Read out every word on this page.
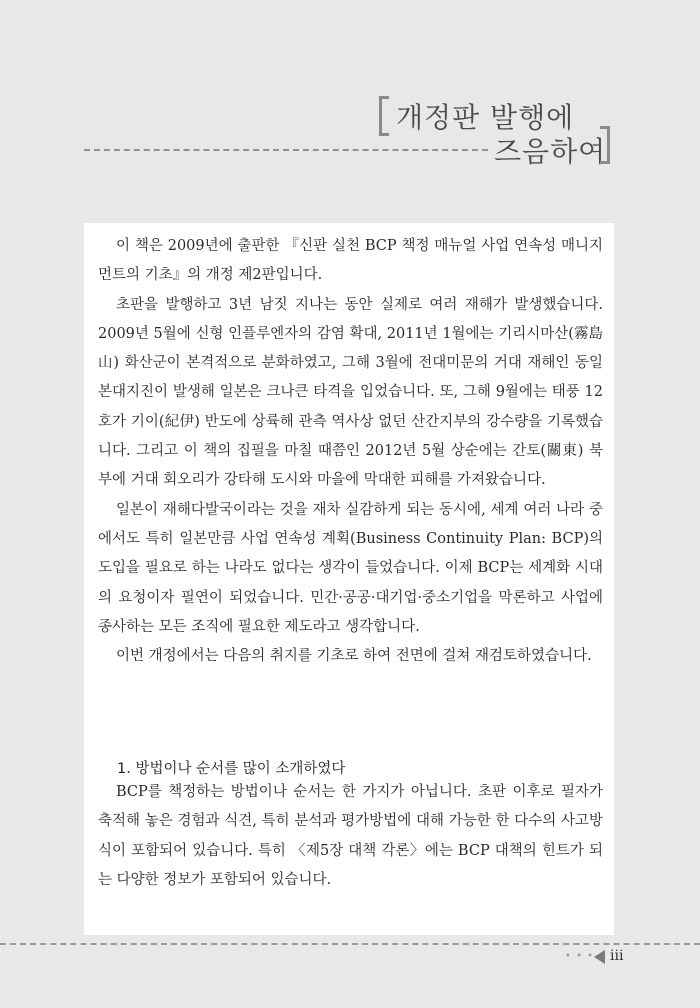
개정판 발행에
즈음하여

이 책은 2009년에 출판한 『신판 실천 BCP 책정 매뉴얼 사업 연속성 매니지먼트의 기초』의 개정 제2판입니다.

초판을 발행하고 3년 남짓 지나는 동안 실제로 여러 재해가 발생했습니다. 2009년 5월에 신형 인플루엔자의 감염 확대, 2011년 1월에는 기리시마산(霧島山) 화산군이 본격적으로 분화하였고, 그해 3월에 전대미문의 거대 재해인 동일본대지진이 발생해 일본은 크나큰 타격을 입었습니다. 또, 그해 9월에는 태풍 12호가 기이(紀伊) 반도에 상륙해 관측 역사상 없던 산간지부의 강수량을 기록했습니다. 그리고 이 책의 집필을 마칠 때쯤인 2012년 5월 상순에는 간토(關東) 북부에 거대 회오리가 강타해 도시와 마을에 막대한 피해를 가져왔습니다.

일본이 재해다발국이라는 것을 재차 실감하게 되는 동시에, 세계 여러 나라 중에서도 특히 일본만큼 사업 연속성 계획(Business Continuity Plan: BCP)의 도입을 필요로 하는 나라도 없다는 생각이 들었습니다. 이제 BCP는 세계화 시대의 요청이자 필연이 되었습니다. 민간·공공·대기업·중소기업을 막론하고 사업에 종사하는 모든 조직에 필요한 제도라고 생각합니다.

이번 개정에서는 다음의 취지를 기초로 하여 전면에 걸쳐 재검토하였습니다.

1. 방법이나 순서를 많이 소개하였다

BCP를 책정하는 방법이나 순서는 한 가지가 아닙니다. 초판 이후로 필자가 축적해 놓은 경험과 식견, 특히 분석과 평가방법에 대해 가능한 한 다수의 사고방식이 포함되어 있습니다. 특히 〈제5장 대책 각론〉에는 BCP 대책의 힌트가 되는 다양한 정보가 포함되어 있습니다.

• • • • iii
